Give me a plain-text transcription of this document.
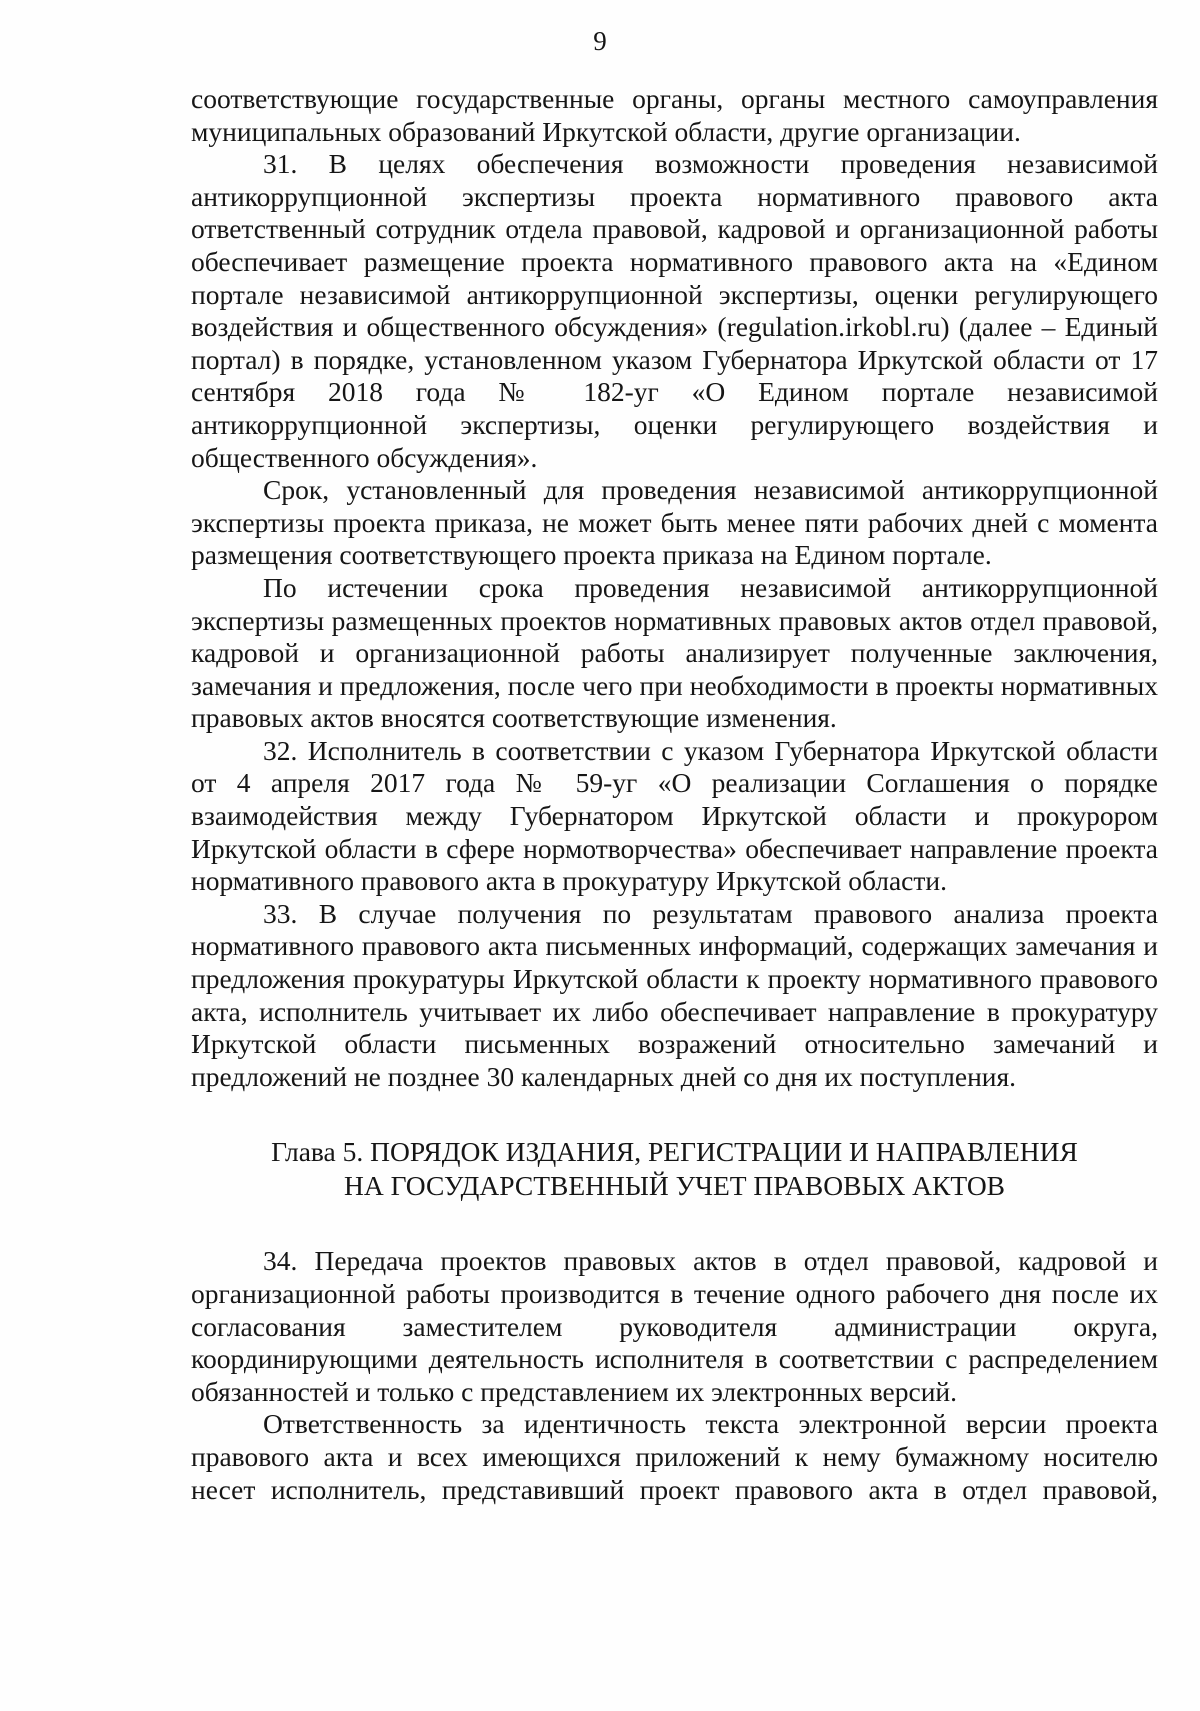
9

соответствующие государственные органы, органы местного самоуправления муниципальных образований Иркутской области, другие организации.

31. В целях обеспечения возможности проведения независимой антикоррупционной экспертизы проекта нормативного правового акта ответственный сотрудник отдела правовой, кадровой и организационной работы обеспечивает размещение проекта нормативного правового акта на «Едином портале независимой антикоррупционной экспертизы, оценки регулирующего воздействия и общественного обсуждения» (regulation.irkobl.ru) (далее – Единый портал) в порядке, установленном указом Губернатора Иркутской области от 17 сентября 2018 года № 182-уг «О Едином портале независимой антикоррупционной экспертизы, оценки регулирующего воздействия и общественного обсуждения».

Срок, установленный для проведения независимой антикоррупционной экспертизы проекта приказа, не может быть менее пяти рабочих дней с момента размещения соответствующего проекта приказа на Едином портале.

По истечении срока проведения независимой антикоррупционной экспертизы размещенных проектов нормативных правовых актов отдел правовой, кадровой и организационной работы анализирует полученные заключения, замечания и предложения, после чего при необходимости в проекты нормативных правовых актов вносятся соответствующие изменения.

32. Исполнитель в соответствии с указом Губернатора Иркутской области от 4 апреля 2017 года № 59-уг «О реализации Соглашения о порядке взаимодействия между Губернатором Иркутской области и прокурором Иркутской области в сфере нормотворчества» обеспечивает направление проекта нормативного правового акта в прокуратуру Иркутской области.

33. В случае получения по результатам правового анализа проекта нормативного правового акта письменных информаций, содержащих замечания и предложения прокуратуры Иркутской области к проекту нормативного правового акта, исполнитель учитывает их либо обеспечивает направление в прокуратуру Иркутской области письменных возражений относительно замечаний и предложений не позднее 30 календарных дней со дня их поступления.

Глава 5. ПОРЯДОК ИЗДАНИЯ, РЕГИСТРАЦИИ И НАПРАВЛЕНИЯ
НА ГОСУДАРСТВЕННЫЙ УЧЕТ ПРАВОВЫХ АКТОВ

34. Передача проектов правовых актов в отдел правовой, кадровой и организационной работы производится в течение одного рабочего дня после их согласования заместителем руководителя администрации округа, координирующими деятельность исполнителя в соответствии с распределением обязанностей и только с представлением их электронных версий.

Ответственность за идентичность текста электронной версии проекта правового акта и всех имеющихся приложений к нему бумажному носителю несет исполнитель, представивший проект правового акта в отдел правовой,
